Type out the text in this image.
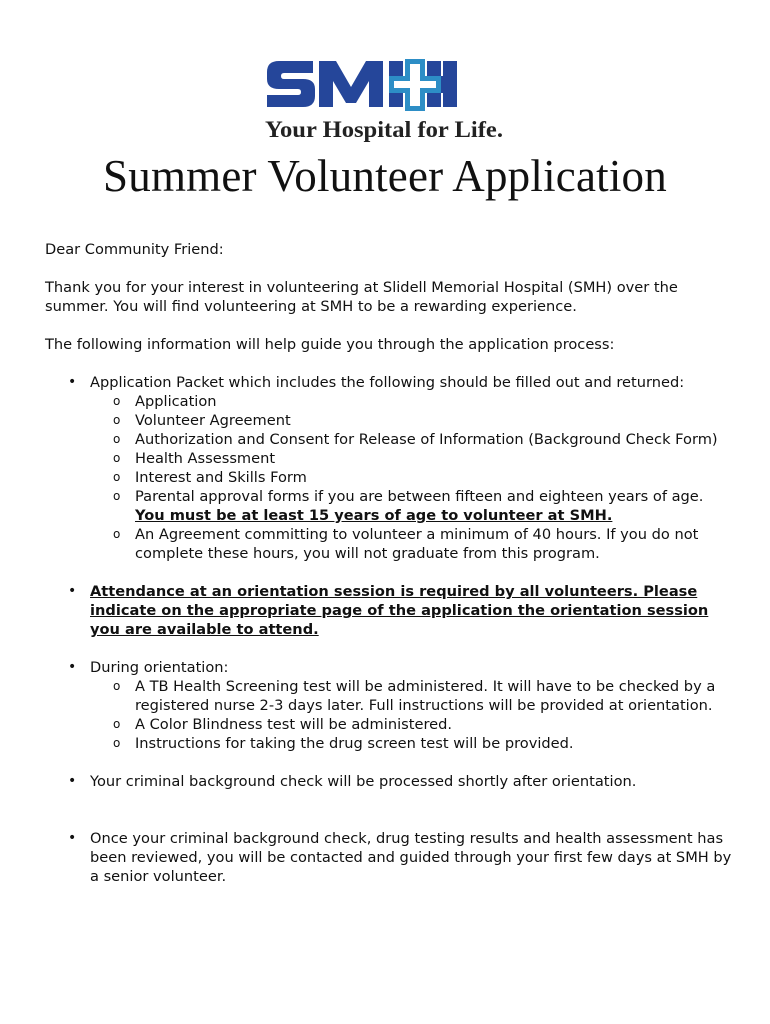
Your Hospital for Life.
Summer Volunteer Application

Dear Community Friend:

Thank you for your interest in volunteering at Slidell Memorial Hospital (SMH) over the summer. You will find volunteering at SMH to be a rewarding experience.

The following information will help guide you through the application process:

• Application Packet which includes the following should be filled out and returned:
o Application
o Volunteer Agreement
o Authorization and Consent for Release of Information (Background Check Form)
o Health Assessment
o Interest and Skills Form
o Parental approval forms if you are between fifteen and eighteen years of age.
You must be at least 15 years of age to volunteer at SMH.
o An Agreement committing to volunteer a minimum of 40 hours. If you do not complete these hours, you will not graduate from this program.
• Attendance at an orientation session is required by all volunteers. Please indicate on the appropriate page of the application the orientation session you are available to attend.
• During orientation:
o A TB Health Screening test will be administered. It will have to be checked by a registered nurse 2-3 days later. Full instructions will be provided at orientation.
o A Color Blindness test will be administered.
o Instructions for taking the drug screen test will be provided.
• Your criminal background check will be processed shortly after orientation.
• Once your criminal background check, drug testing results and health assessment has been reviewed, you will be contacted and guided through your first few days at SMH by a senior volunteer.
